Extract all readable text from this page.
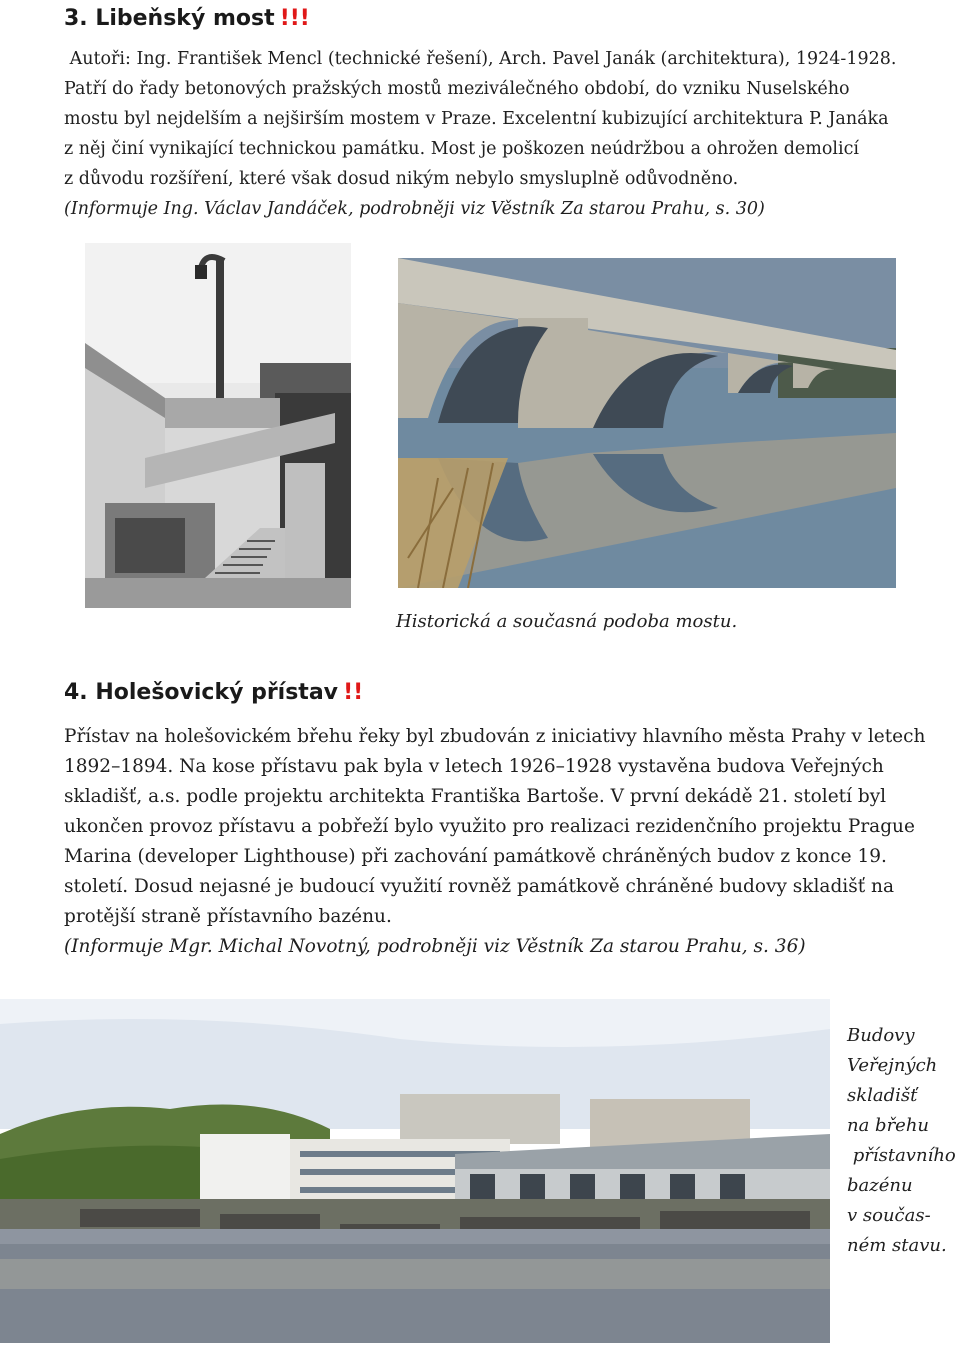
3. Libeňský most !!!
Autoři: Ing. František Mencl (technické řešení), Arch. Pavel Janák (architektura), 1924-1928.
Patří do řady betonových pražských mostů meziválečného období, do vzniku Nuselského
mostu byl nejdelším a nejširším mostem v Praze. Excelentní kubizující architektura P. Janáka
z něj činí vynikající technickou památku. Most je poškozen neúdržbou a ohrožen demolicí
z důvodu rozšíření, které však dosud nikým nebylo smysluplně odůvodněno.
(Informuje Ing. Václav Jandáček, podrobněji viz Věstník Za starou Prahu, s. 30)
Historická a současná podoba mostu.
4. Holešovický přístav !!
Přístav na holešovickém břehu řeky byl zbudován z iniciativy hlavního města Prahy v letech
1892–1894. Na kose přístavu pak byla v letech 1926–1928 vystavěna budova Veřejných
skladišť, a.s. podle projektu architekta Františka Bartoše. V první dekádě 21. století byl
ukončen provoz přístavu a pobřeží bylo využito pro realizaci rezidenčního projektu Prague
Marina (developer Lighthouse) při zachování památkově chráněných budov z konce 19.
století. Dosud nejasné je budoucí využití rovněž památkově chráněné budovy skladišť na
protější straně přístavního bazénu.
(Informuje Mgr. Michal Novotný, podrobněji viz Věstník Za starou Prahu, s. 36)
Budovy
Veřejných
skladišť
na břehu
přístavního
bazénu
v součas-
ném stavu.
